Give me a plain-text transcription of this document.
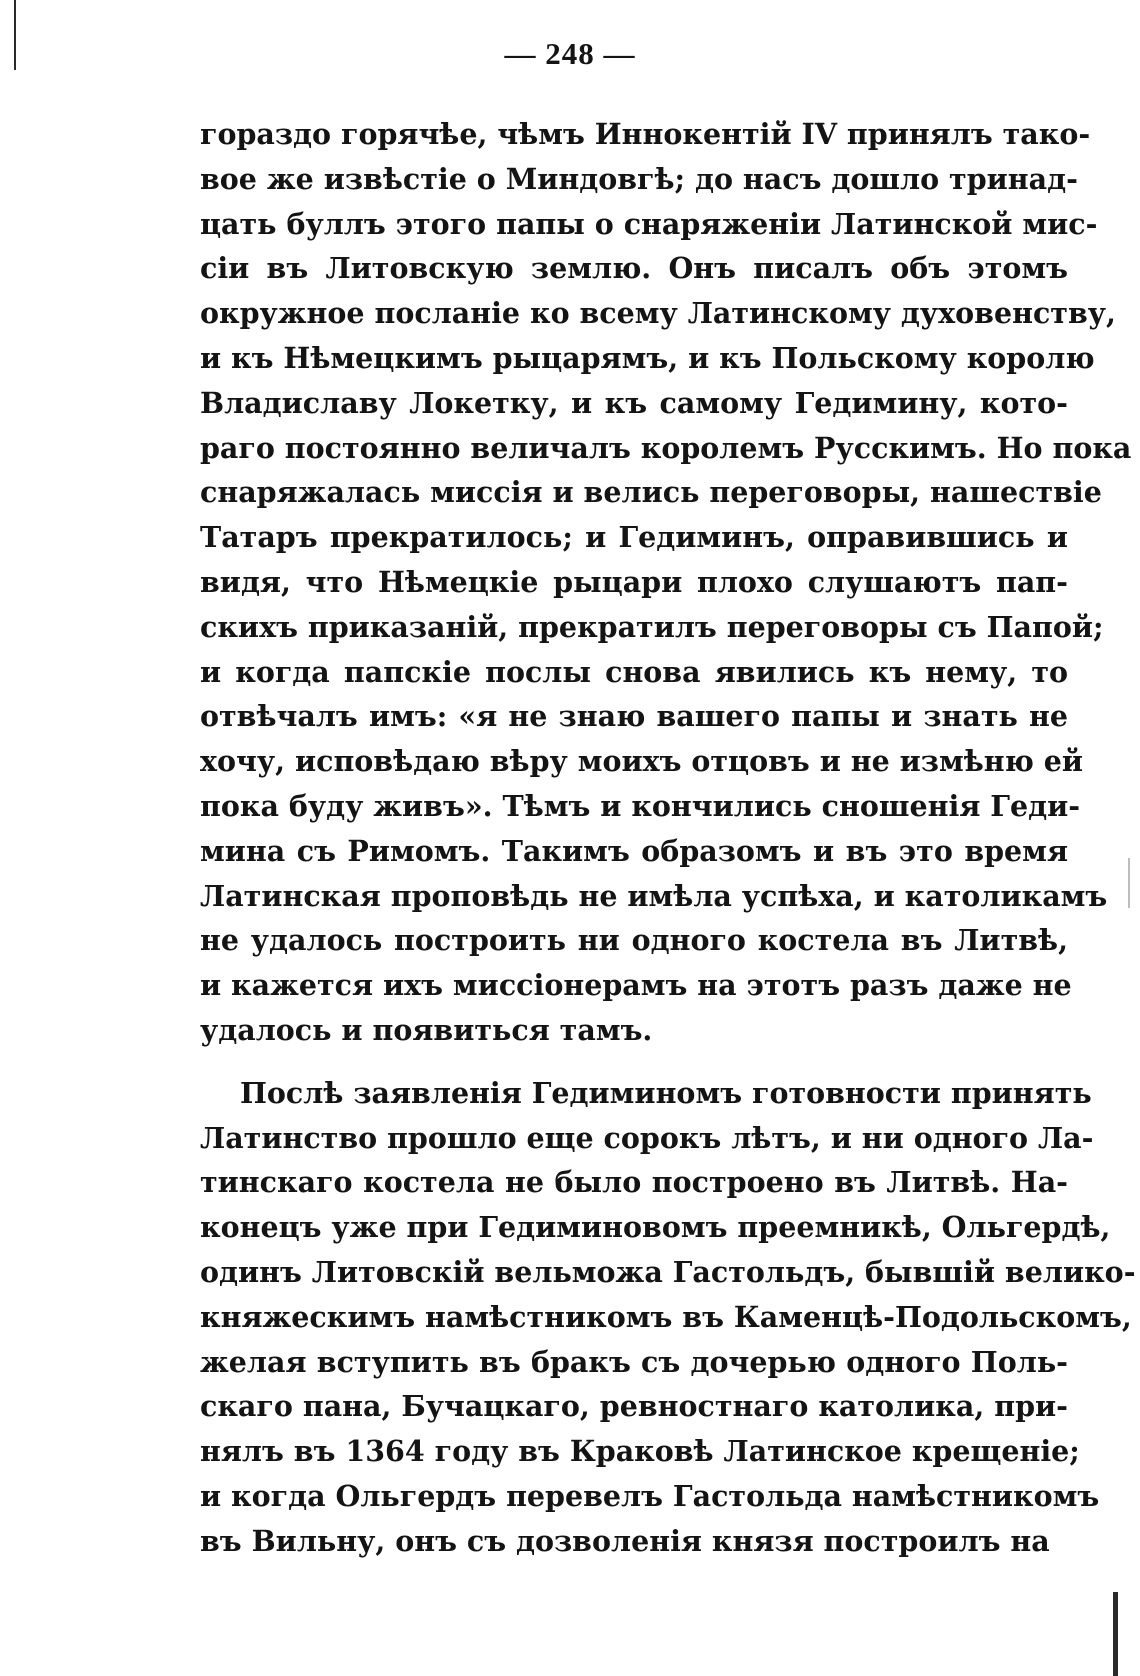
— 248 —
гораздо горячѣе, чѣмъ Иннокентій IV принялъ тако-
вое же извѣстіе о Миндовгѣ; до насъ дошло тринад-
цать буллъ этого папы о снаряженіи Латинской мис-
сіи въ Литовскую землю. Онъ писалъ объ этомъ
окружное посланіе ко всему Латинскому духовенству,
и къ Нѣмецкимъ рыцарямъ, и къ Польскому королю
Владиславу Локетку, и къ самому Гедимину, кото-
раго постоянно величалъ королемъ Русскимъ. Но пока
снаряжалась миссія и велись переговоры, нашествіе
Татаръ прекратилось; и Гедиминъ, оправившись и
видя, что Нѣмецкіе рыцари плохо слушаютъ пап-
скихъ приказаній, прекратилъ переговоры съ Папой;
и когда папскіе послы снова явились къ нему, то
отвѣчалъ имъ: «я не знаю вашего папы и знать не
хочу, исповѣдаю вѣру моихъ отцовъ и не измѣню ей
пока буду живъ». Тѣмъ и кончились сношенія Геди-
мина съ Римомъ. Такимъ образомъ и въ это время
Латинская проповѣдь не имѣла успѣха, и католикамъ
не удалось построить ни одного костела въ Литвѣ,
и кажется ихъ миссіонерамъ на этотъ разъ даже не
удалось и появиться тамъ.
Послѣ заявленія Гедиминомъ готовности принять
Латинство прошло еще сорокъ лѣтъ, и ни одного Ла-
тинскаго костела не было построено въ Литвѣ. На-
конецъ уже при Гедиминовомъ преемникѣ, Ольгердѣ,
одинъ Литовскій вельможа Гастольдъ, бывшій велико-
княжескимъ намѣстникомъ въ Каменцѣ-Подольскомъ,
желая вступить въ бракъ съ дочерью одного Поль-
скаго пана, Бучацкаго, ревностнаго католика, при-
нялъ въ 1364 году въ Краковѣ Латинское крещеніе;
и когда Ольгердъ перевелъ Гастольда намѣстникомъ
въ Вильну, онъ съ дозволенія князя построилъ на
